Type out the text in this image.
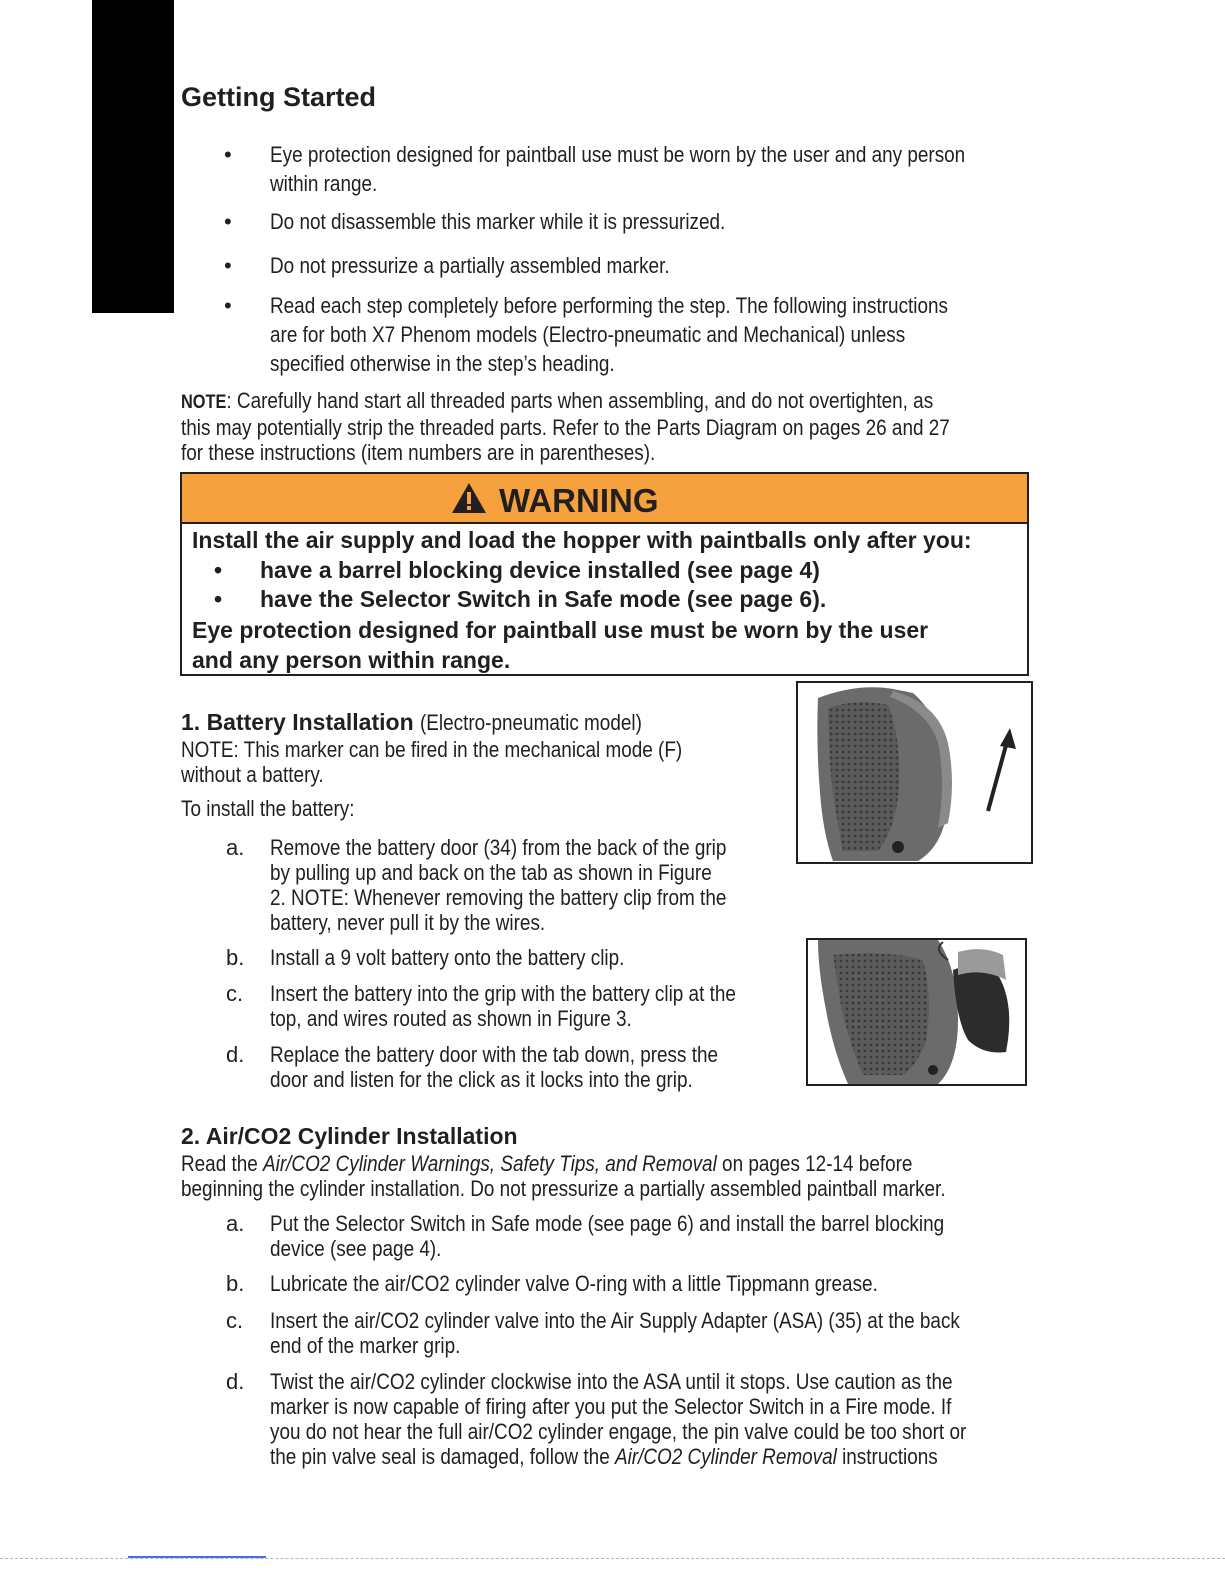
Getting Started
• Eye protection designed for paintball use must be worn by the user and any person
within range.
• Do not disassemble this marker while it is pressurized.
• Do not pressurize a partially assembled marker.
• Read each step completely before performing the step. The following instructions
are for both X7 Phenom models (Electro-pneumatic and Mechanical) unless
specified otherwise in the step’s heading.
NOTE: Carefully hand start all threaded parts when assembling, and do not overtighten, as
this may potentially strip the threaded parts. Refer to the Parts Diagram on pages 26 and 27
for these instructions (item numbers are in parentheses).
WARNING
Install the air supply and load the hopper with paintballs only after you:
• have a barrel blocking device installed (see page 4)
• have the Selector Switch in Safe mode (see page 6).
Eye protection designed for paintball use must be worn by the user
and any person within range.
1. Battery Installation (Electro-pneumatic model)
NOTE: This marker can be fired in the mechanical mode (F)
without a battery.
To install the battery:
a. Remove the battery door (34) from the back of the grip
by pulling up and back on the tab as shown in Figure
2. NOTE: Whenever removing the battery clip from the
battery, never pull it by the wires.
b. Install a 9 volt battery onto the battery clip.
c. Insert the battery into the grip with the battery clip at the
top, and wires routed as shown in Figure 3.
d. Replace the battery door with the tab down, press the
door and listen for the click as it locks into the grip.
2. Air/CO2 Cylinder Installation
Read the Air/CO2 Cylinder Warnings, Safety Tips, and Removal on pages 12-14 before
beginning the cylinder installation. Do not pressurize a partially assembled paintball marker.
a. Put the Selector Switch in Safe mode (see page 6) and install the barrel blocking
device (see page 4).
b. Lubricate the air/CO2 cylinder valve O-ring with a little Tippmann grease.
c. Insert the air/CO2 cylinder valve into the Air Supply Adapter (ASA) (35) at the back
end of the marker grip.
d. Twist the air/CO2 cylinder clockwise into the ASA until it stops. Use caution as the
marker is now capable of firing after you put the Selector Switch in a Fire mode. If
you do not hear the full air/CO2 cylinder engage, the pin valve could be too short or
the pin valve seal is damaged, follow the Air/CO2 Cylinder Removal instructions
